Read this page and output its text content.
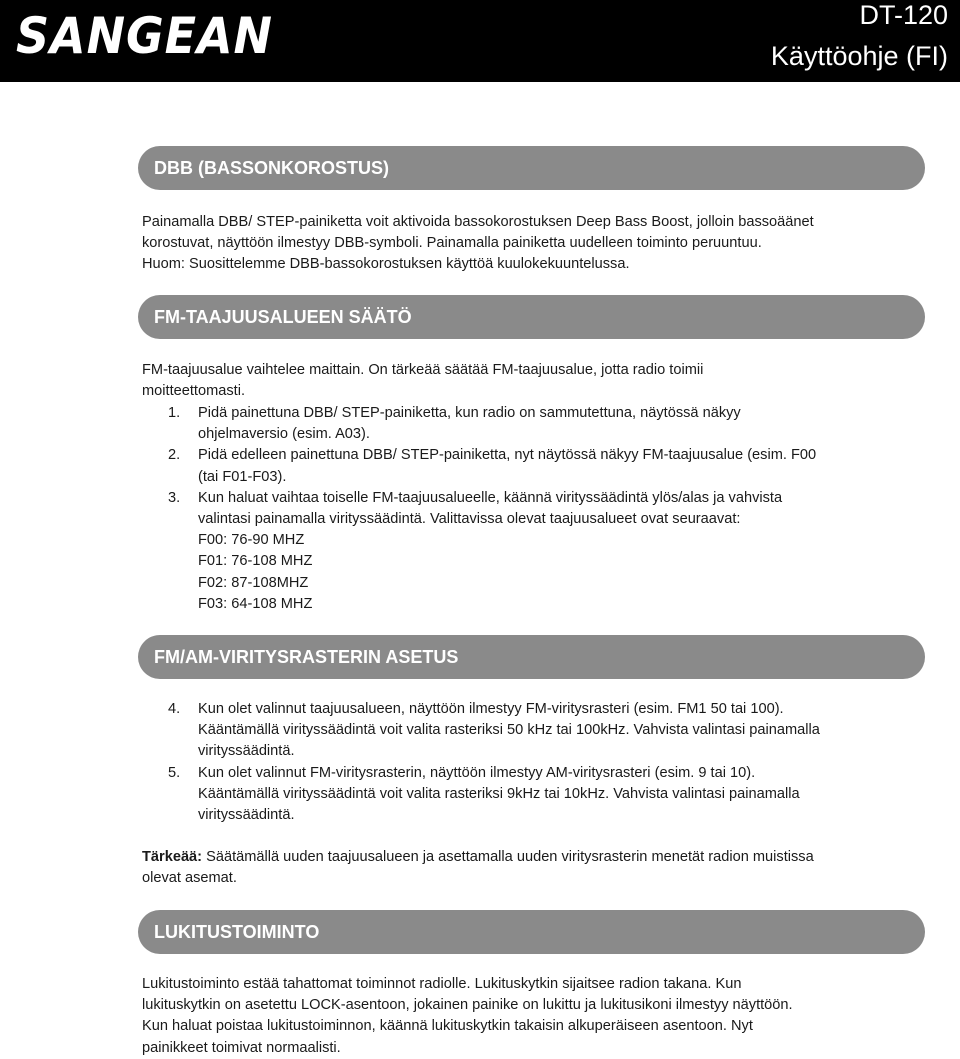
SANGEAN	DT-120
Käyttöohje (FI)
DBB (BASSONKOROSTUS)

Painamalla DBB/ STEP-painiketta voit aktivoida bassokorostuksen Deep Bass Boost, jolloin bassoäänet

korostuvat, näyttöön ilmestyy DBB-symboli. Painamalla painiketta uudelleen toiminto peruuntuu.

Huom: Suosittelemme DBB-bassokorostuksen käyttöä kuulokekuuntelussa.

FM-TAAJUUSALUEEN SÄÄTÖ

FM-taajuusalue vaihtelee maittain. On tärkeää säätää FM-taajuusalue, jotta radio toimii

moitteettomasti.

1. Pidä painettuna DBB/ STEP-painiketta, kun radio on sammutettuna, näytössä näkyy
ohjelmaversio (esim. A03).
2. Pidä edelleen painettuna DBB/ STEP-painiketta, nyt näytössä näkyy FM-taajuusalue (esim. F00
(tai F01-F03).
3. Kun haluat vaihtaa toiselle FM-taajuusalueelle, käännä virityssäädintä ylös/alas ja vahvista
valintasi painamalla virityssäädintä. Valittavissa olevat taajuusalueet ovat seuraavat:
F00: 76-90 MHZ
F01: 76-108 MHZ
F02: 87-108MHZ
F03: 64-108 MHZ
FM/AM-VIRITYSRASTERIN ASETUS
4. Kun olet valinnut taajuusalueen, näyttöön ilmestyy FM-viritysrasteri (esim. FM1 50 tai 100).
Kääntämällä virityssäädintä voit valita rasteriksi 50 kHz tai 100kHz. Vahvista valintasi painamalla
virityssäädintä.
5. Kun olet valinnut FM-viritysrasterin, näyttöön ilmestyy AM-viritysrasteri (esim. 9 tai 10).
Kääntämällä virityssäädintä voit valita rasteriksi 9kHz tai 10kHz. Vahvista valintasi painamalla
virityssäädintä.

Tärkeää: Säätämällä uuden taajuusalueen ja asettamalla uuden viritysrasterin menetät radion muistissa

olevat asemat.

LUKITUSTOIMINTO

Lukitustoiminto estää tahattomat toiminnot radiolle. Lukituskytkin sijaitsee radion takana. Kun

lukituskytkin on asetettu LOCK-asentoon, jokainen painike on lukittu ja lukitusikoni ilmestyy näyttöön.

Kun haluat poistaa lukitustoiminnon, käännä lukituskytkin takaisin alkuperäiseen asentoon. Nyt

painikkeet toimivat normaalisti.
